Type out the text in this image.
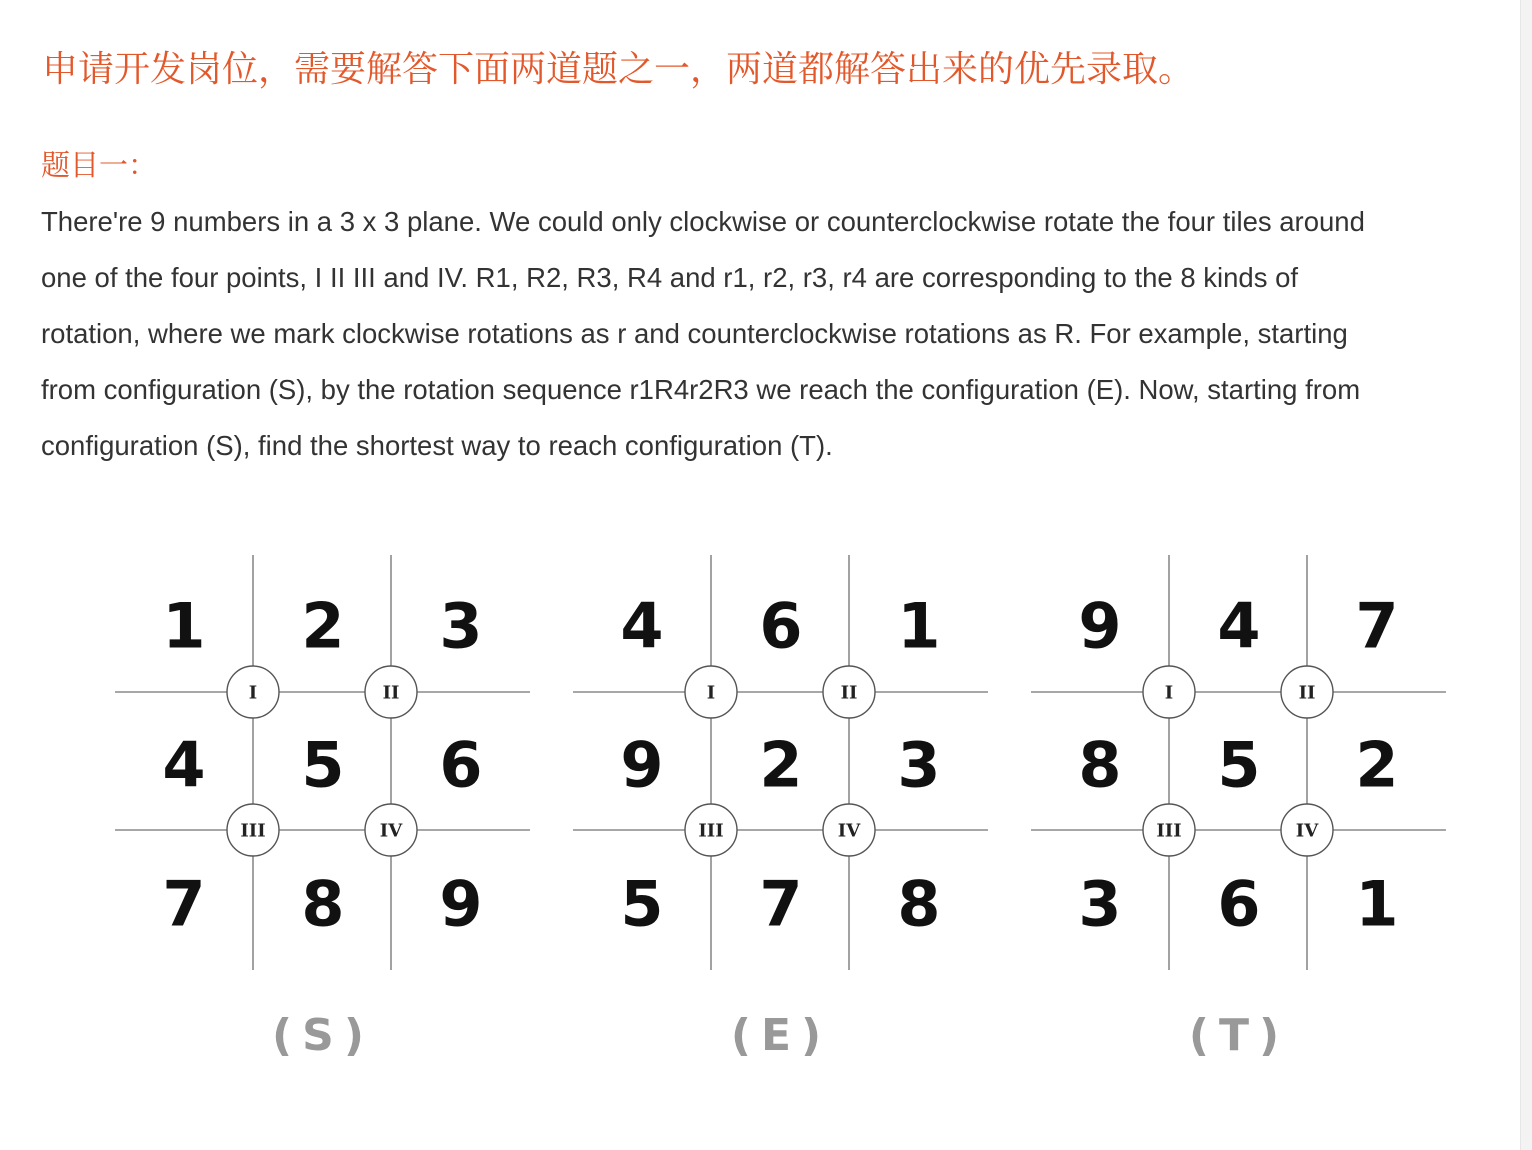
申请开发岗位，需要解答下面两道题之一，两道都解答出来的优先录取。
题目一：
There're 9 numbers in a 3 x 3 plane. We could only clockwise or counterclockwise rotate the four tiles around
one of the four points, I II III and IV. R1, R2, R3, R4 and r1, r2, r3, r4 are corresponding to the 8 kinds of
rotation, where we mark clockwise rotations as r and counterclockwise rotations as R. For example, starting
from configuration (S), by the rotation sequence r1R4r2R3 we reach the configuration (E). Now, starting from
configuration (S), find the shortest way to reach configuration (T).
1 2 3
4 5 6
7 8 9
I	II
III	IV
4 6 1
9 2 3
5 7 8
I	II
III	IV
9 4 7
8 5 2
3 6 1
I	II
III	IV
(S)	(E)	(T)
